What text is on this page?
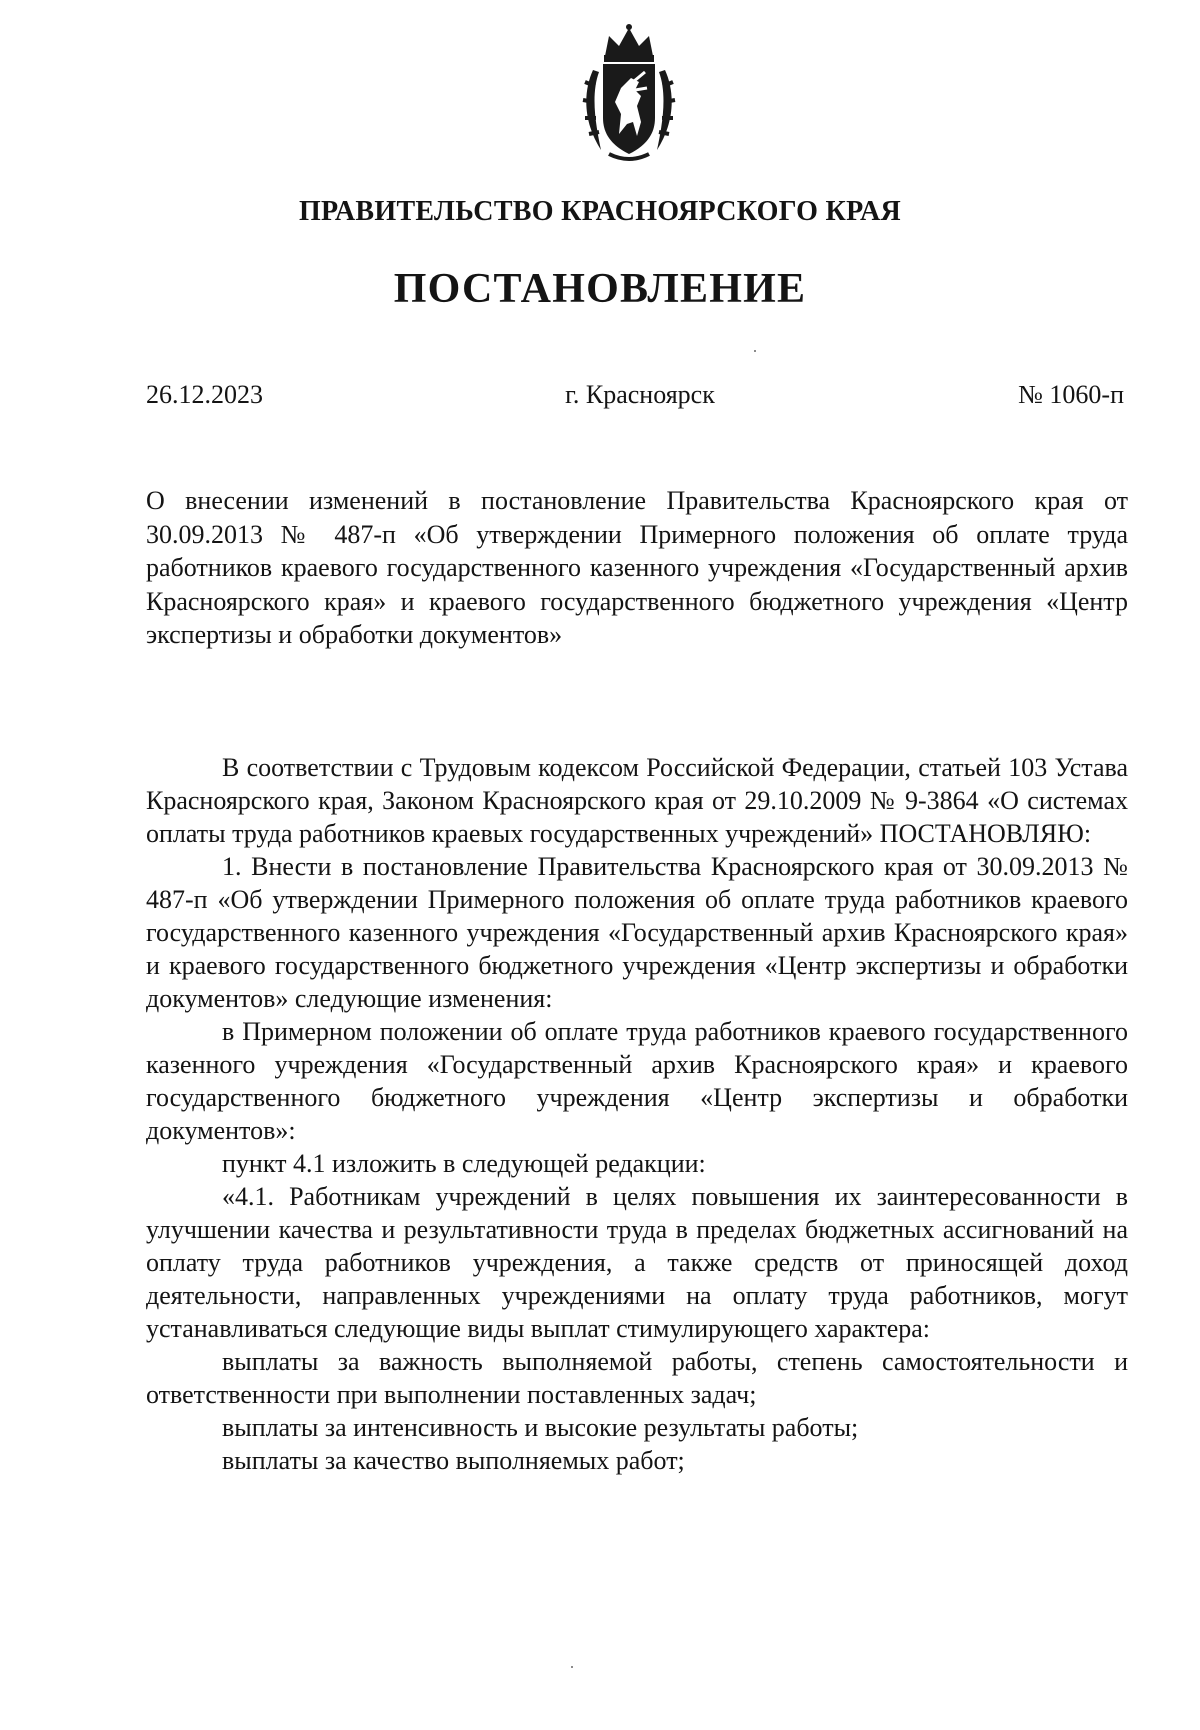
ПРАВИТЕЛЬСТВО КРАСНОЯРСКОГО КРАЯ
ПОСТАНОВЛЕНИЕ
26.12.2023	г. Красноярск	№ 1060-п

О внесении изменений в постановление Правительства Красноярского края от 30.09.2013 № 487-п «Об утверждении Примерного положения об оплате труда работников краевого государственного казенного учреждения «Государственный архив Красноярского края» и краевого государственного бюджетного учреждения «Центр экспертизы и обработки документов»

В соответствии с Трудовым кодексом Российской Федерации, статьей 103 Устава Красноярского края, Законом Красноярского края от 29.10.2009 № 9-3864 «О системах оплаты труда работников краевых государственных учреждений» ПОСТАНОВЛЯЮ:

1. Внести в постановление Правительства Красноярского края от 30.09.2013 № 487-п «Об утверждении Примерного положения об оплате труда работников краевого государственного казенного учреждения «Государственный архив Красноярского края» и краевого государственного бюджетного учреждения «Центр экспертизы и обработки документов» следующие изменения:

в Примерном положении об оплате труда работников краевого государственного казенного учреждения «Государственный архив Красноярского края» и краевого государственного бюджетного учреждения «Центр экспертизы и обработки документов»:

пункт 4.1 изложить в следующей редакции:

«4.1. Работникам учреждений в целях повышения их заинтересованности в улучшении качества и результативности труда в пределах бюджетных ассигнований на оплату труда работников учреждения, а также средств от приносящей доход деятельности, направленных учреждениями на оплату труда работников, могут устанавливаться следующие виды выплат стимулирующего характера:

выплаты за важность выполняемой работы, степень самостоятельности и ответственности при выполнении поставленных задач;

выплаты за интенсивность и высокие результаты работы;

выплаты за качество выполняемых работ;
